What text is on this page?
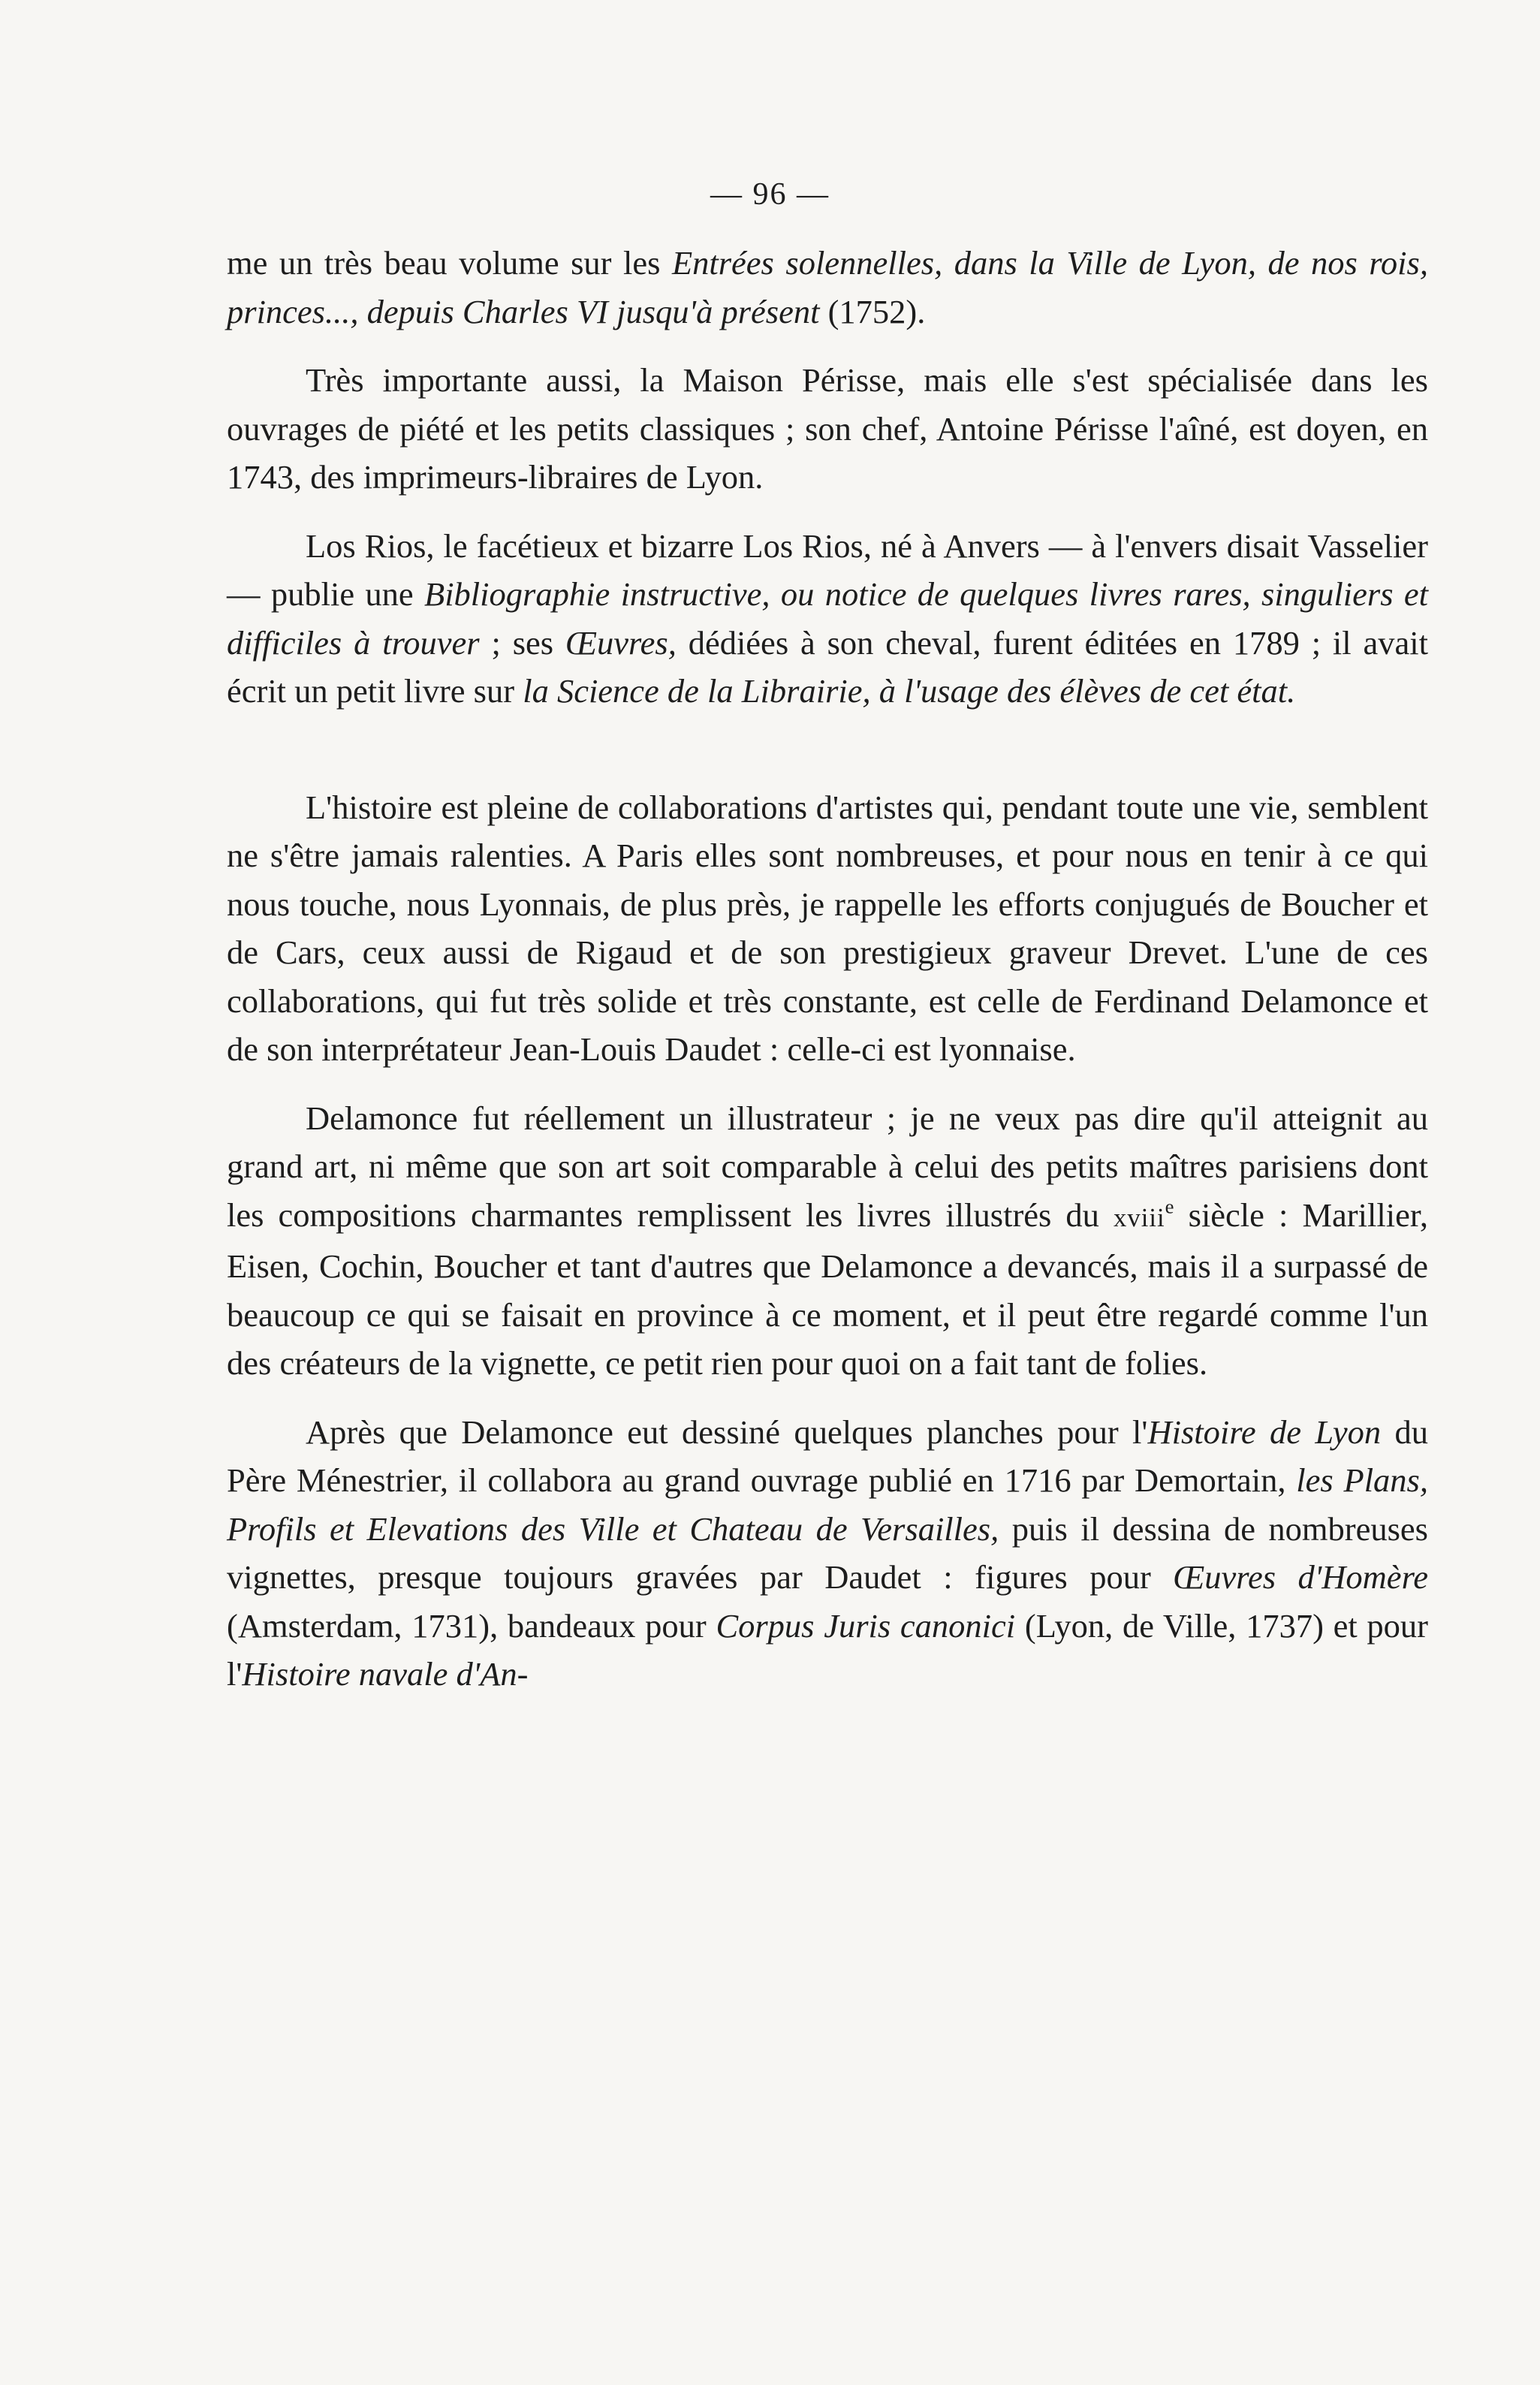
— 96 —

me un très beau volume sur les Entrées solennelles, dans la Ville de Lyon, de nos rois, princes..., depuis Charles VI jusqu'à présent (1752).

Très importante aussi, la Maison Périsse, mais elle s'est spécialisée dans les ouvrages de piété et les petits classiques ; son chef, Antoine Périsse l'aîné, est doyen, en 1743, des imprimeurs-libraires de Lyon.

Los Rios, le facétieux et bizarre Los Rios, né à Anvers — à l'envers disait Vasselier — publie une Bibliographie instructive, ou notice de quelques livres rares, singuliers et difficiles à trouver ; ses Œuvres, dédiées à son cheval, furent éditées en 1789 ; il avait écrit un petit livre sur la Science de la Librairie, à l'usage des élèves de cet état.

L'histoire est pleine de collaborations d'artistes qui, pendant toute une vie, semblent ne s'être jamais ralenties. A Paris elles sont nombreuses, et pour nous en tenir à ce qui nous touche, nous Lyonnais, de plus près, je rappelle les efforts conjugués de Boucher et de Cars, ceux aussi de Rigaud et de son prestigieux graveur Drevet. L'une de ces collaborations, qui fut très solide et très constante, est celle de Ferdinand Delamonce et de son interprétateur Jean-Louis Daudet : celle-ci est lyonnaise.

Delamonce fut réellement un illustrateur ; je ne veux pas dire qu'il atteignit au grand art, ni même que son art soit comparable à celui des petits maîtres parisiens dont les compositions charmantes remplissent les livres illustrés du xviii$^e$ siècle : Marillier, Eisen, Cochin, Boucher et tant d'autres que Delamonce a devancés, mais il a surpassé de beaucoup ce qui se faisait en province à ce moment, et il peut être regardé comme l'un des créateurs de la vignette, ce petit rien pour quoi on a fait tant de folies.

Après que Delamonce eut dessiné quelques planches pour l'Histoire de Lyon du Père Ménestrier, il collabora au grand ouvrage publié en 1716 par Demortain, les Plans, Profils et Elevations des Ville et Chateau de Versailles, puis il dessina de nombreuses vignettes, presque toujours gravées par Daudet : figures pour Œuvres d'Homère (Amsterdam, 1731), bandeaux pour Corpus Juris canonici (Lyon, de Ville, 1737) et pour l'Histoire navale d'An-
